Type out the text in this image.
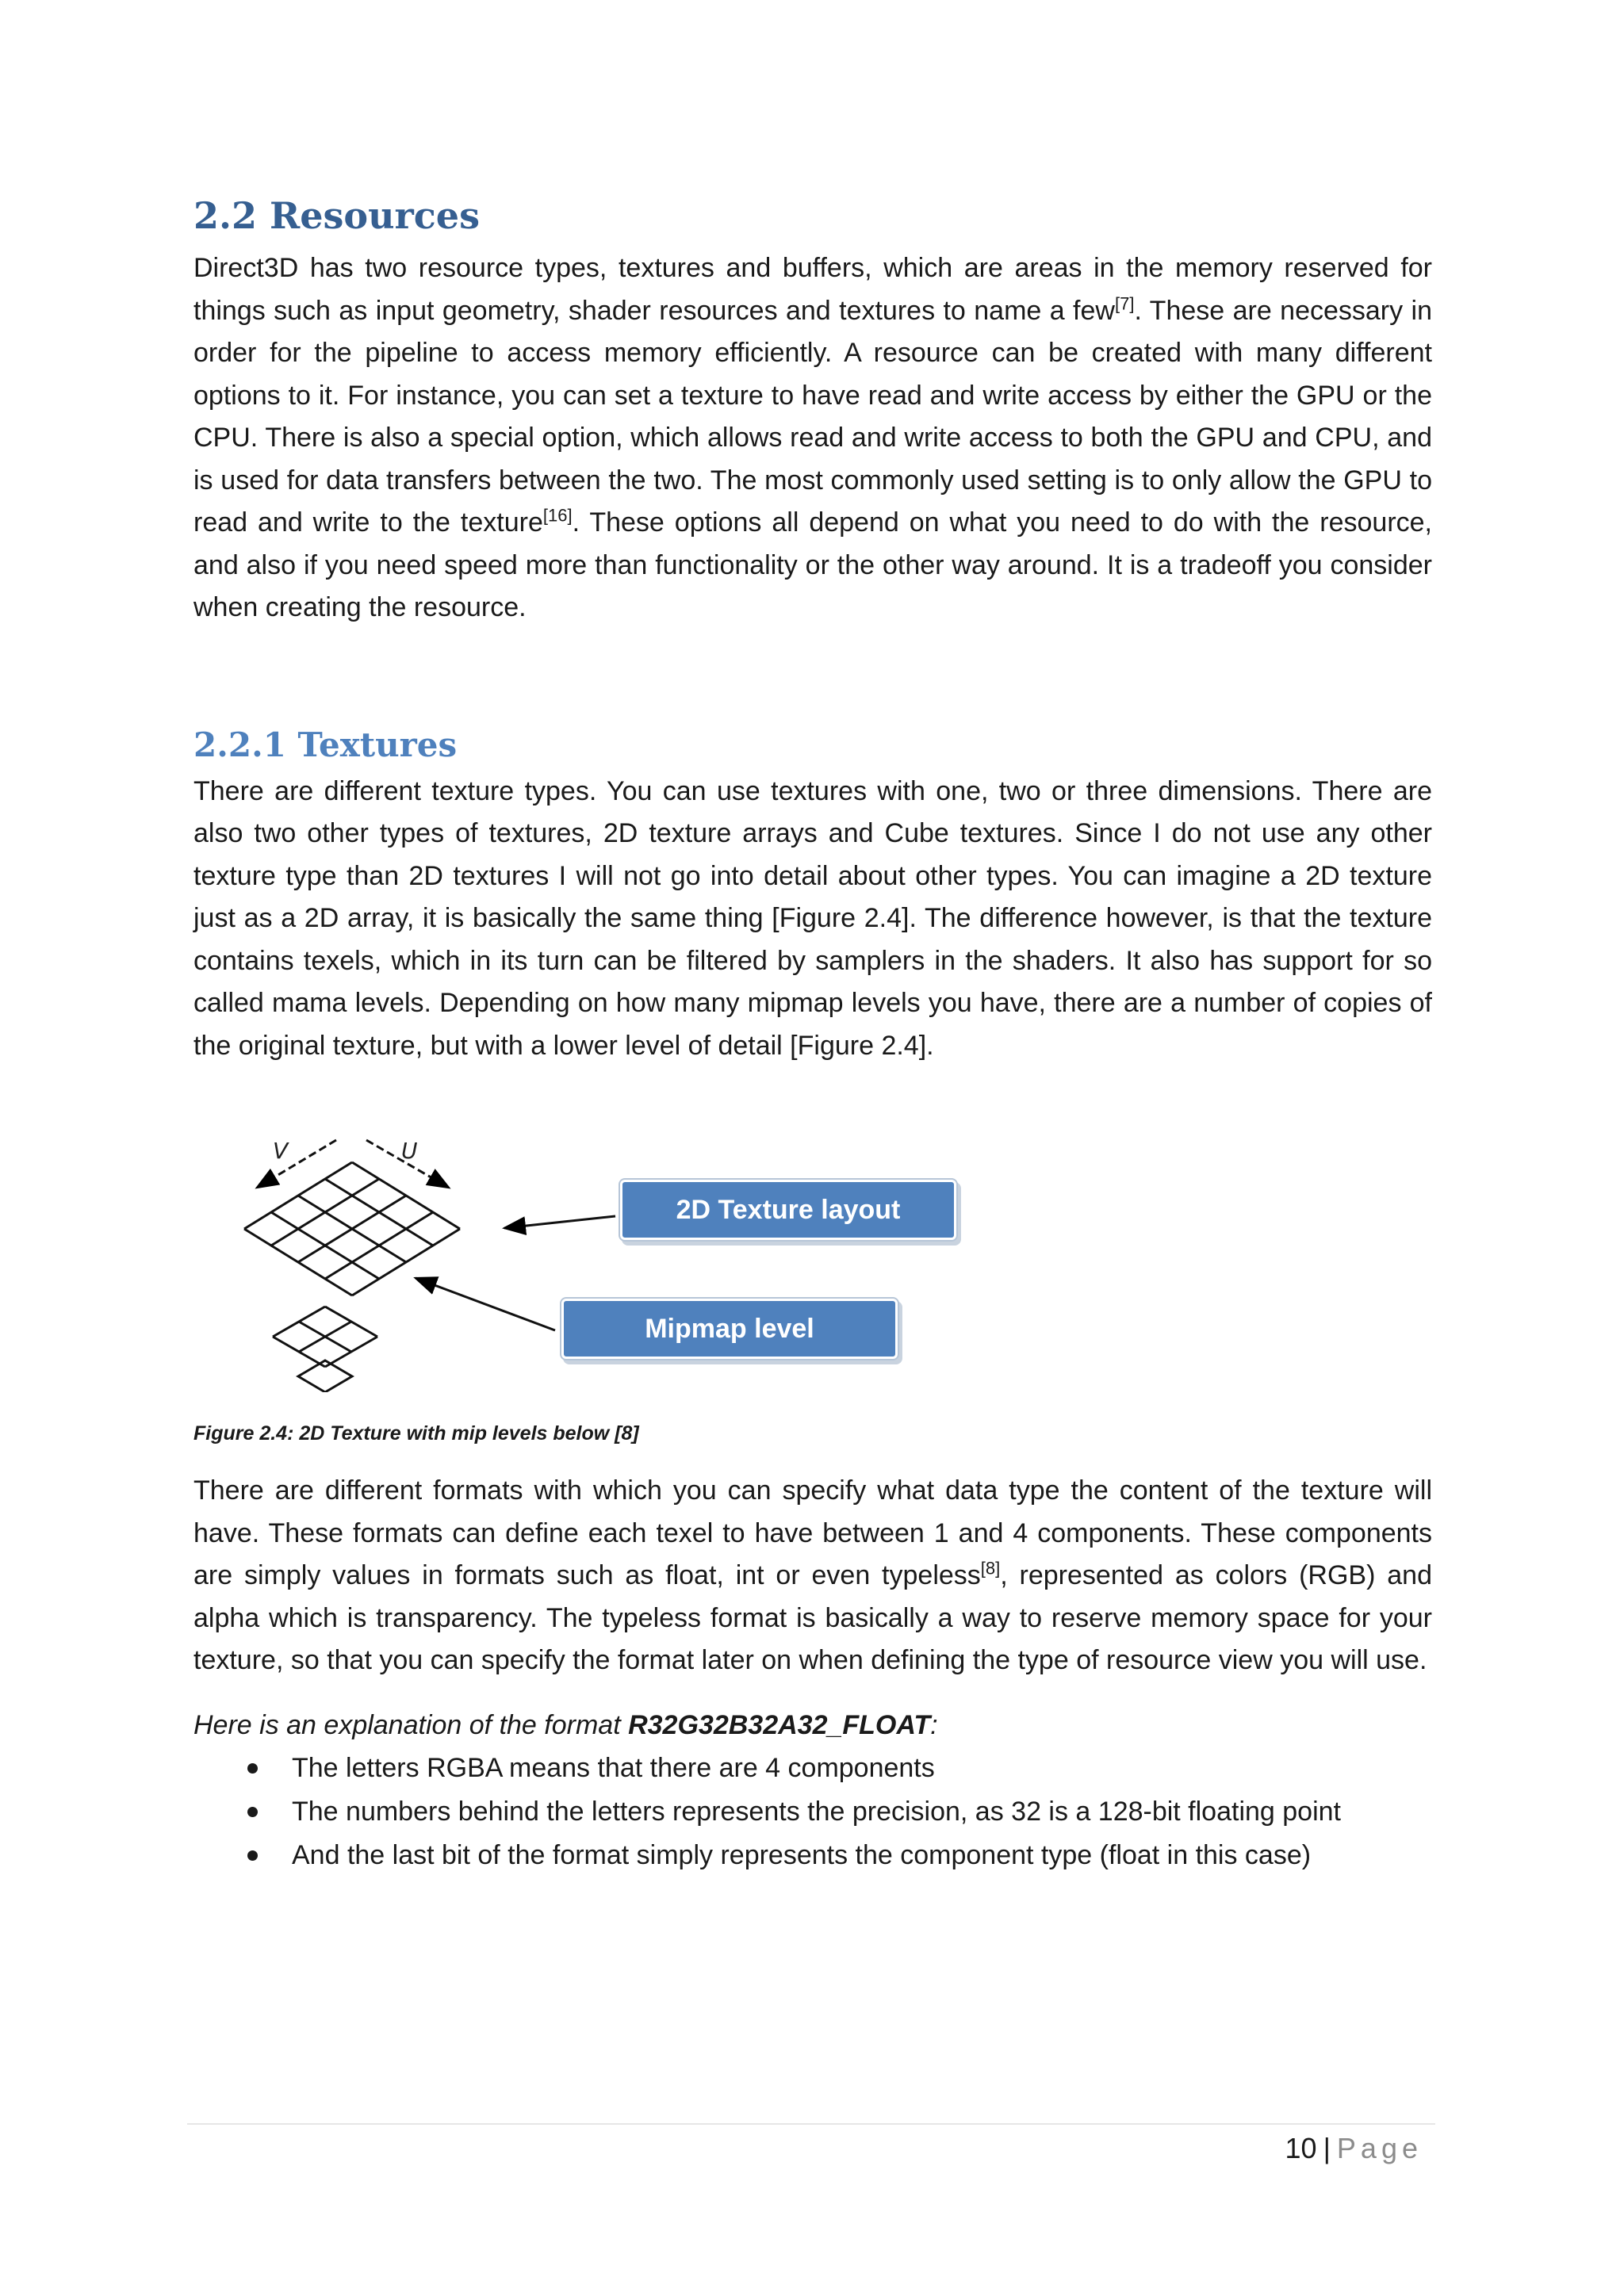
2.2 Resources

Direct3D has two resource types, textures and buffers, which are areas in the memory reserved for things such as input geometry, shader resources and textures to name a few[7]. These are necessary in order for the pipeline to access memory efficiently. A resource can be created with many different options to it. For instance, you can set a texture to have read and write access by either the GPU or the CPU. There is also a special option, which allows read and write access to both the GPU and CPU, and is used for data transfers between the two. The most commonly used setting is to only allow the GPU to read and write to the texture[16]. These options all depend on what you need to do with the resource, and also if you need speed more than functionality or the other way around. It is a tradeoff you consider when creating the resource.

2.2.1 Textures

There are different texture types. You can use textures with one, two or three dimensions. There are also two other types of textures, 2D texture arrays and Cube textures. Since I do not use any other texture type than 2D textures I will not go into detail about other types. You can imagine a 2D texture just as a 2D array, it is basically the same thing [Figure 2.4]. The difference however, is that the texture contains texels, which in its turn can be filtered by samplers in the shaders. It also has support for so called mama levels. Depending on how many mipmap levels you have, there are a number of copies of the original texture, but with a lower level of detail [Figure 2.4].

V	U
2D Texture layout
Mipmap level

Figure 2.4: 2D Texture with mip levels below [8]

There are different formats with which you can specify what data type the content of the texture will have. These formats can define each texel to have between 1 and 4 components. These components are simply values in formats such as float, int or even typeless[8], represented as colors (RGB) and alpha which is transparency. The typeless format is basically a way to reserve memory space for your texture, so that you can specify the format later on when defining the type of resource view you will use.

Here is an explanation of the format R32G32B32A32_FLOAT:

The letters RGBA means that there are 4 components
The numbers behind the letters represents the precision, as 32 is a 128-bit floating point
And the last bit of the format simply represents the component type (float in this case)
10 | Page
